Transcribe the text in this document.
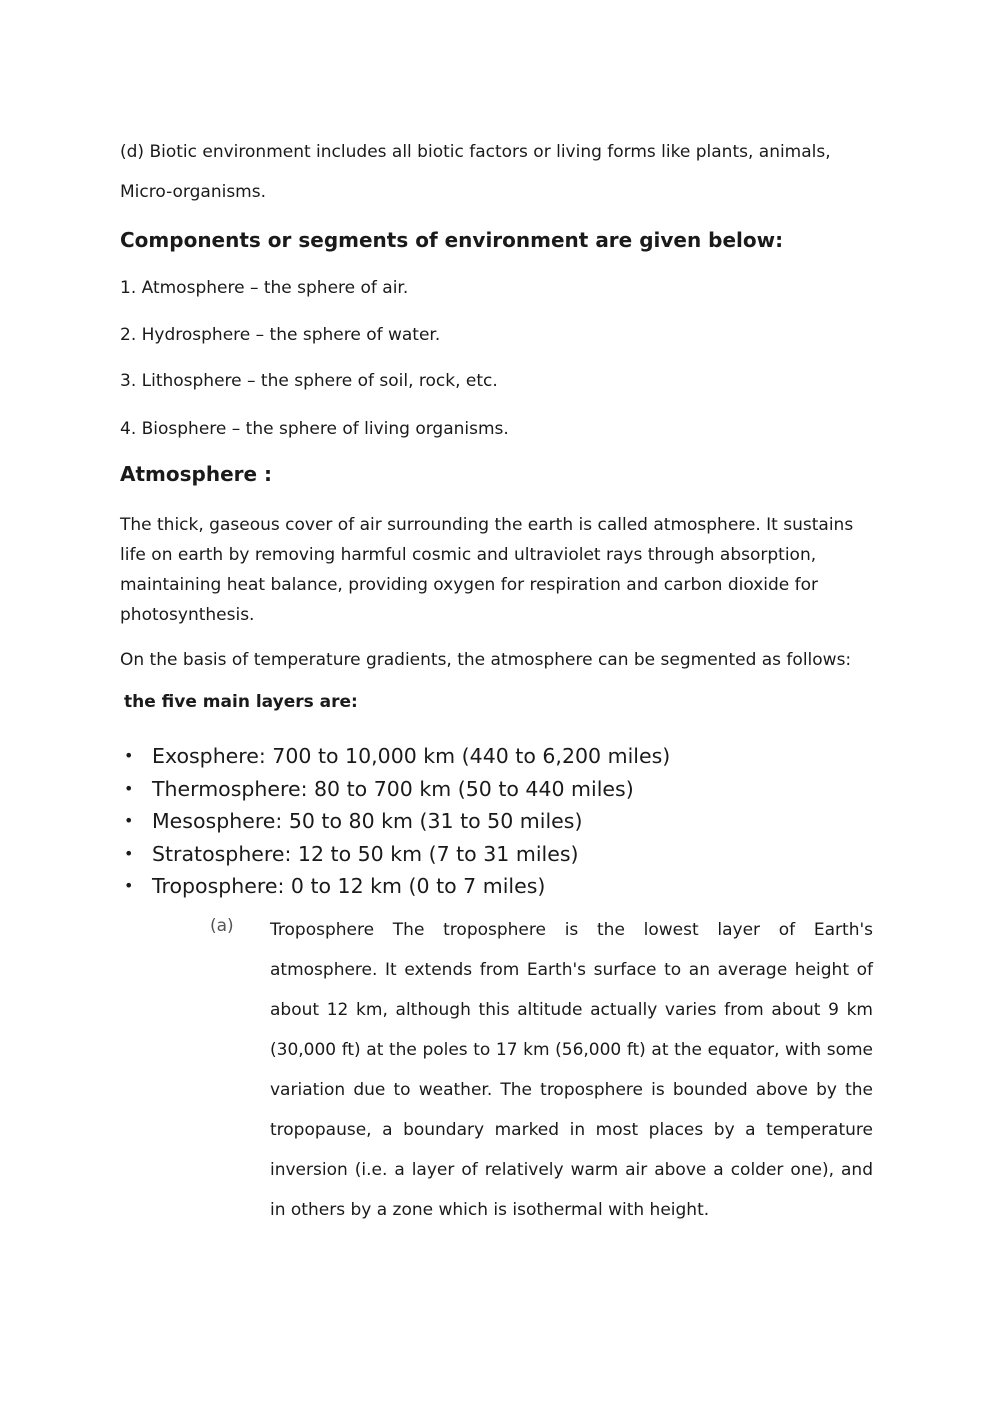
(d) Biotic environment includes all biotic factors or living forms like plants, animals, Micro-organisms.

Components or segments of environment are given below:

1. Atmosphere – the sphere of air.

2. Hydrosphere – the sphere of water.

3. Lithosphere – the sphere of soil, rock, etc.

4. Biosphere – the sphere of living organisms.

Atmosphere :

The thick, gaseous cover of air surrounding the earth is called atmosphere. It sustains life on earth by removing harmful cosmic and ultraviolet rays through absorption, maintaining heat balance, providing oxygen for respiration and carbon dioxide for photosynthesis.

On the basis of temperature gradients, the atmosphere can be segmented as follows:

the five main layers are:

• Exosphere: 700 to 10,000 km (440 to 6,200 miles)
• Thermosphere: 80 to 700 km (50 to 440 miles)
• Mesosphere: 50 to 80 km (31 to 50 miles)
• Stratosphere: 12 to 50 km (7 to 31 miles)
• Troposphere: 0 to 12 km (0 to 7 miles)

(a) Troposphere The troposphere is the lowest layer of Earth's atmosphere. It extends from Earth's surface to an average height of about 12 km, although this altitude actually varies from about 9 km (30,000 ft) at the poles to 17 km (56,000 ft) at the equator, with some variation due to weather. The troposphere is bounded above by the tropopause, a boundary marked in most places by a temperature inversion (i.e. a layer of relatively warm air above a colder one), and in others by a zone which is isothermal with height.
